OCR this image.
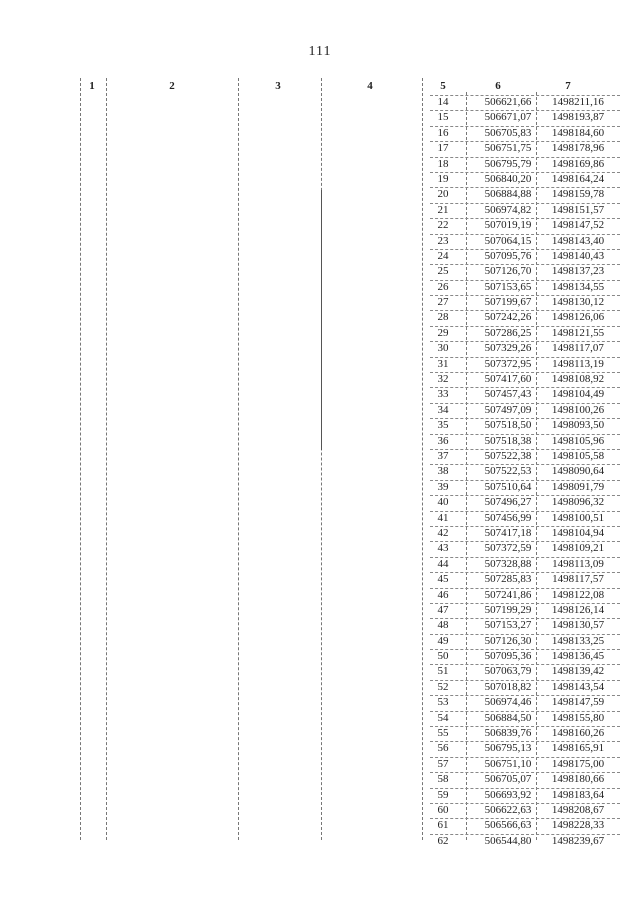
111
1	2	3	4	5	6	7
14	506621,66	1498211,16
15	506671,07	1498193,87
16	506705,83	1498184,60
17	506751,75	1498178,96
18	506795,79	1498169,86
19	506840,20	1498164,24
20	506884,88	1498159,78
21	506974,82	1498151,57
22	507019,19	1498147,52
23	507064,15	1498143,40
24	507095,76	1498140,43
25	507126,70	1498137,23
26	507153,65	1498134,55
27	507199,67	1498130,12
28	507242,26	1498126,06
29	507286,25	1498121,55
30	507329,26	1498117,07
31	507372,95	1498113,19
32	507417,60	1498108,92
33	507457,43	1498104,49
34	507497,09	1498100,26
35	507518,50	1498093,50
36	507518,38	1498105,96
37	507522,38	1498105,58
38	507522,53	1498090,64
39	507510,64	1498091,79
40	507496,27	1498096,32
41	507456,99	1498100,51
42	507417,18	1498104,94
43	507372,59	1498109,21
44	507328,88	1498113,09
45	507285,83	1498117,57
46	507241,86	1498122,08
47	507199,29	1498126,14
48	507153,27	1498130,57
49	507126,30	1498133,25
50	507095,36	1498136,45
51	507063,79	1498139,42
52	507018,82	1498143,54
53	506974,46	1498147,59
54	506884,50	1498155,80
55	506839,76	1498160,26
56	506795,13	1498165,91
57	506751,10	1498175,00
58	506705,07	1498180,66
59	506693,92	1498183,64
60	506622,63	1498208,67
61	506566,63	1498228,33
62	506544,80	1498239,67
